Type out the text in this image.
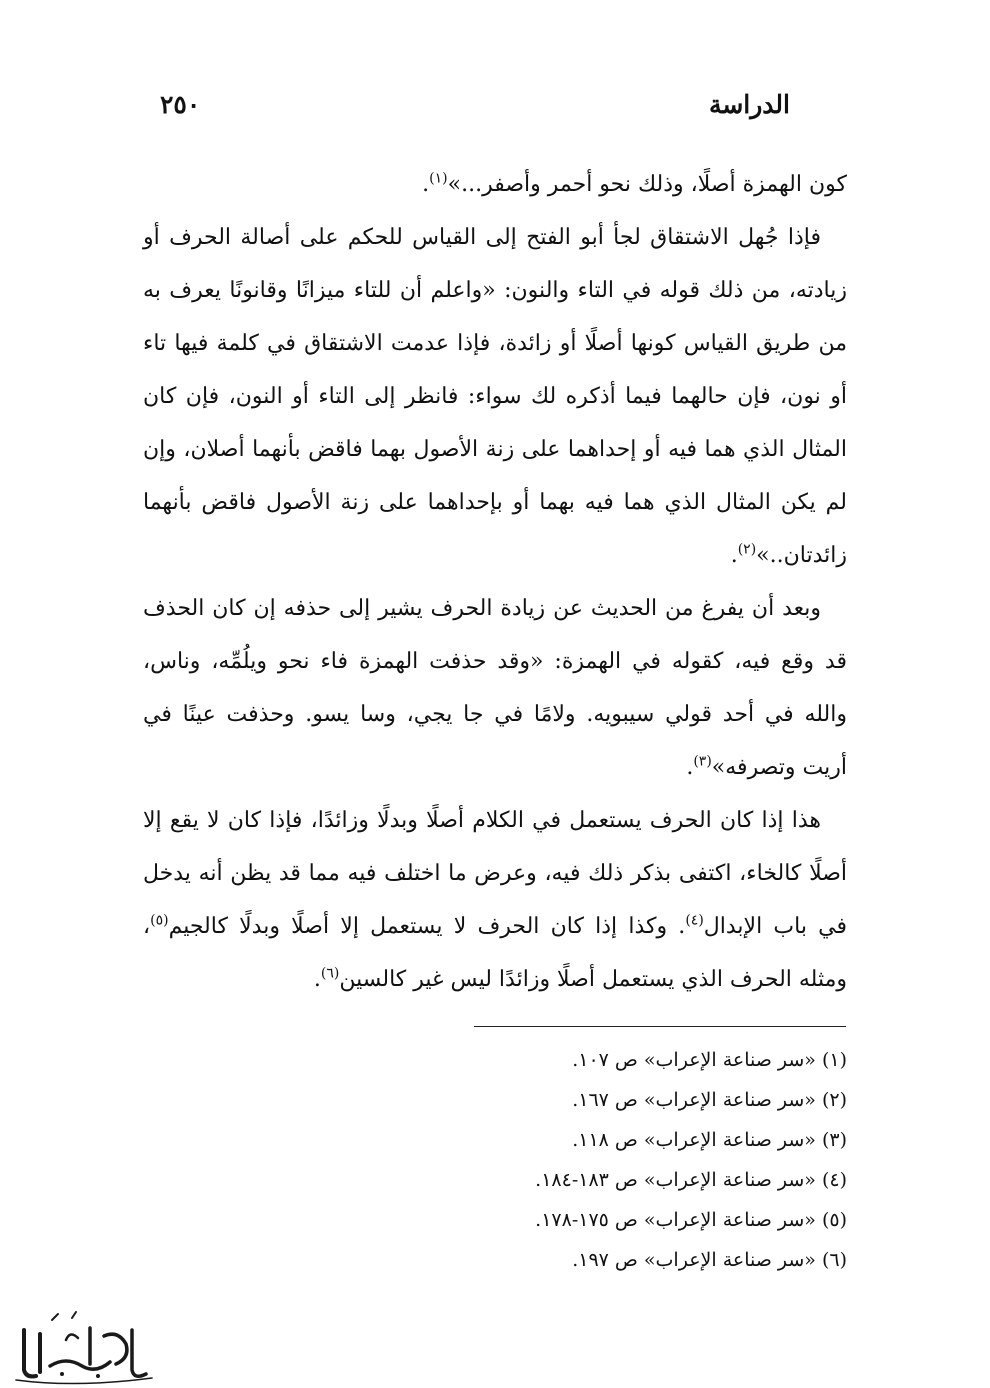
الدراسة
٢٥٠

كون الهمزة أصلًا، وذلك نحو أحمر وأصفر...»$^{(١)}$.

فإذا جُهل الاشتقاق لجأ أبو الفتح إلى القياس للحكم على أصالة الحرف أو زيادته، من ذلك قوله في التاء والنون: «واعلم أن للتاء ميزانًا وقانونًا يعرف به من طريق القياس كونها أصلًا أو زائدة، فإذا عدمت الاشتقاق في كلمة فيها تاء أو نون، فإن حالهما فيما أذكره لك سواء: فانظر إلى التاء أو النون، فإن كان المثال الذي هما فيه أو إحداهما على زنة الأصول بهما فاقض بأنهما أصلان، وإن لم يكن المثال الذي هما فيه بهما أو بإحداهما على زنة الأصول فاقض بأنهما زائدتان..»$^{(٢)}$.

وبعد أن يفرغ من الحديث عن زيادة الحرف يشير إلى حذفه إن كان الحذف قد وقع فيه، كقوله في الهمزة: «وقد حذفت الهمزة فاء نحو ويلُمِّه، وناس، والله في أحد قولي سيبويه. ولامًا في جا يجي، وسا يسو. وحذفت عينًا في أريت وتصرفه»$^{(٣)}$.

هذا إذا كان الحرف يستعمل في الكلام أصلًا وبدلًا وزائدًا، فإذا كان لا يقع إلا أصلًا كالخاء، اكتفى بذكر ذلك فيه، وعرض ما اختلف فيه مما قد يظن أنه يدخل في باب الإبدال$^{(٤)}$. وكذا إذا كان الحرف لا يستعمل إلا أصلًا وبدلًا كالجيم$^{(٥)}$، ومثله الحرف الذي يستعمل أصلًا وزائدًا ليس غير كالسين$^{(٦)}$.

(١)«سر صناعة الإعراب» ص ١٠٧.
(٢)«سر صناعة الإعراب» ص ١٦٧.
(٣)«سر صناعة الإعراب» ص ١١٨.
(٤)«سر صناعة الإعراب» ص ١٨٣-١٨٤.
(٥)«سر صناعة الإعراب» ص ١٧٥-١٧٨.
(٦)«سر صناعة الإعراب» ص ١٩٧.
